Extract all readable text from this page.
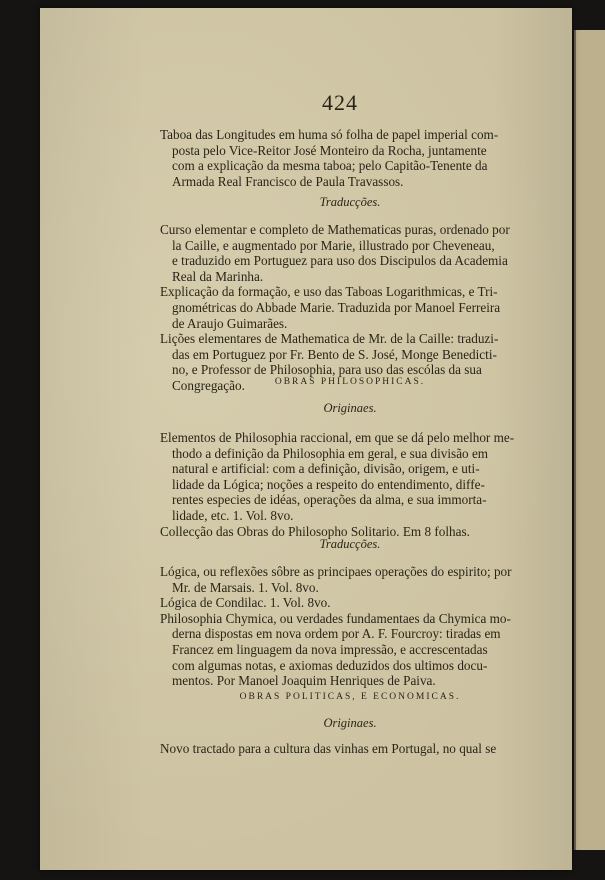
424
Taboa das Longitudes em huma só folha de papel imperial com-
posta pelo Vice-Reitor José Monteiro da Rocha, juntamente
com a explicação da mesma taboa; pelo Capitão-Tenente da
Armada Real Francisco de Paula Travassos.
Traducções.
Curso elementar e completo de Mathematicas puras, ordenado por
la Caille, e augmentado por Marie, illustrado por Cheveneau,
e traduzido em Portuguez para uso dos Discipulos da Academia
Real da Marinha.
Explicação da formação, e uso das Taboas Logarithmicas, e Tri-
gnométricas do Abbade Marie. Traduzida por Manoel Ferreira
de Araujo Guimarães.
Lições elementares de Mathematica de Mr. de la Caille: traduzi-
das em Portuguez por Fr. Bento de S. José, Monge Benedicti-
no, e Professor de Philosophia, para uso das escólas da sua
Congregação.	OBRAS PHILOSOPHICAS.
Originaes.
Elementos de Philosophia raccional, em que se dá pelo melhor me-
thodo a definição da Philosophia em geral, e sua divisão em
natural e artificial: com a definição, divisão, origem, e uti-
lidade da Lógica; noções a respeito do entendimento, diffe-
rentes especies de idéas, operações da alma, e sua immorta-
lidade, etc. 1. Vol. 8vo.
Collecção das Obras do Philosopho Solitario. Em 8 folhas.
Traducções.
Lógica, ou reflexões sôbre as principaes operações do espirito; por
Mr. de Marsais. 1. Vol. 8vo.
Lógica de Condilac. 1. Vol. 8vo.
Philosophia Chymica, ou verdades fundamentaes da Chymica mo-
derna dispostas em nova ordem por A. F. Fourcroy: tiradas em
Francez em linguagem da nova impressão, e accrescentadas
com algumas notas, e axiomas deduzidos dos ultimos docu-
mentos. Por Manoel Joaquim Henriques de Paiva.
OBRAS POLITICAS, E ECONOMICAS.
Originaes.
Novo tractado para a cultura das vinhas em Portugal, no qual se
